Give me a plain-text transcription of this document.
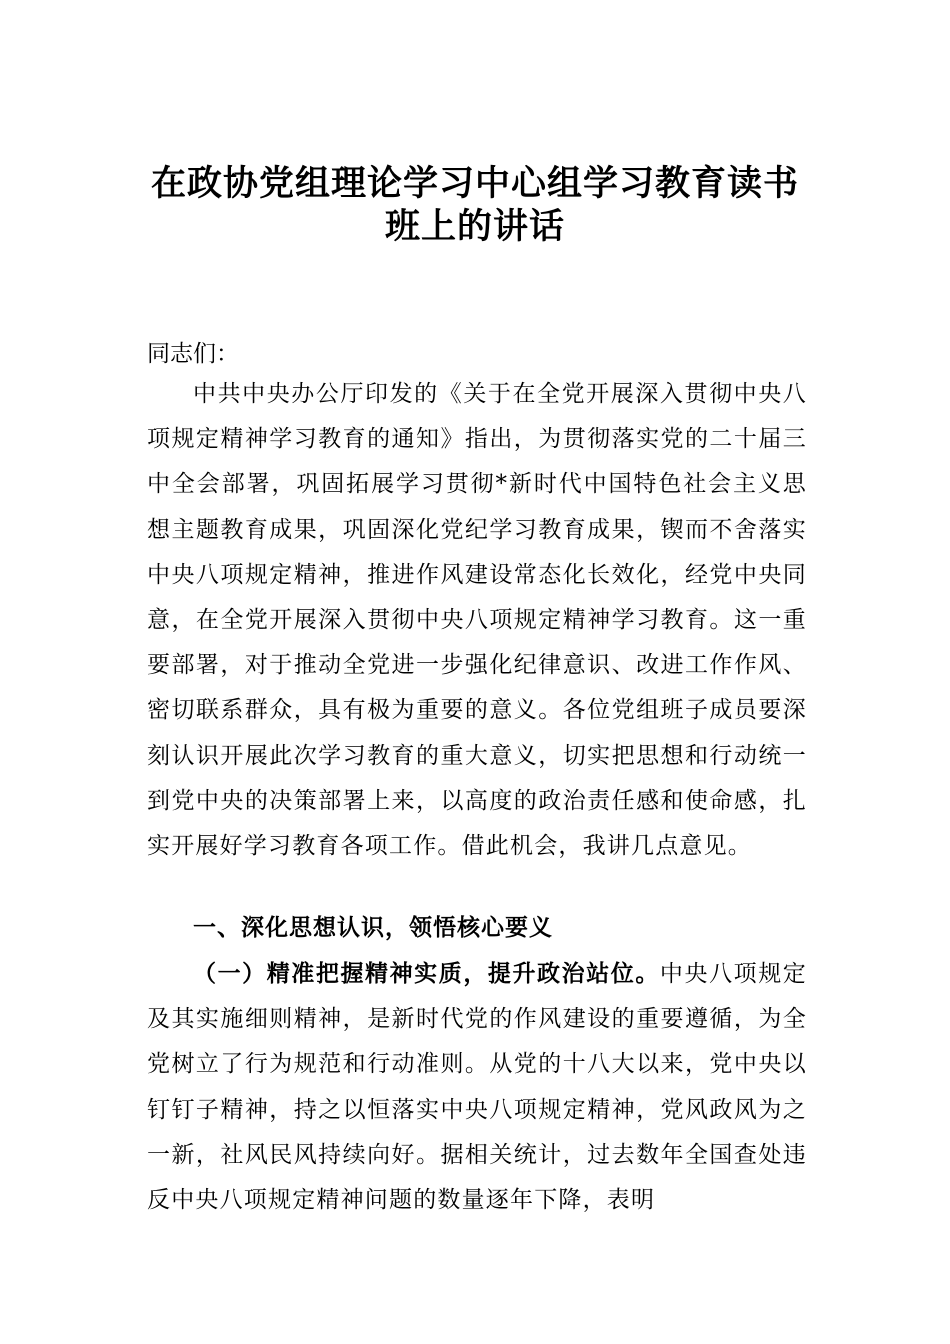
在政协党组理论学习中心组学习教育读书
班上的讲话
同志们：
中共中央办公厅印发的《关于在全党开展深入贯彻中央八项规定精神学习教育的通知》指出，为贯彻落实党的二十届三中全会部署，巩固拓展学习贯彻*新时代中国特色社会主义思想主题教育成果，巩固深化党纪学习教育成果，锲而不舍落实中央八项规定精神，推进作风建设常态化长效化，经党中央同意，在全党开展深入贯彻中央八项规定精神学习教育。这一重要部署，对于推动全党进一步强化纪律意识、改进工作作风、密切联系群众，具有极为重要的意义。各位党组班子成员要深刻认识开展此次学习教育的重大意义，切实把思想和行动统一到党中央的决策部署上来，以高度的政治责任感和使命感，扎实开展好学习教育各项工作。借此机会，我讲几点意见。
一、深化思想认识，领悟核心要义
（一）精准把握精神实质，提升政治站位。中央八项规定及其实施细则精神，是新时代党的作风建设的重要遵循，为全党树立了行为规范和行动准则。从党的十八大以来，党中央以钉钉子精神，持之以恒落实中央八项规定精神，党风政风为之一新，社风民风持续向好。据相关统计，过去数年全国查处违反中央八项规定精神问题的数量逐年下降，表明
